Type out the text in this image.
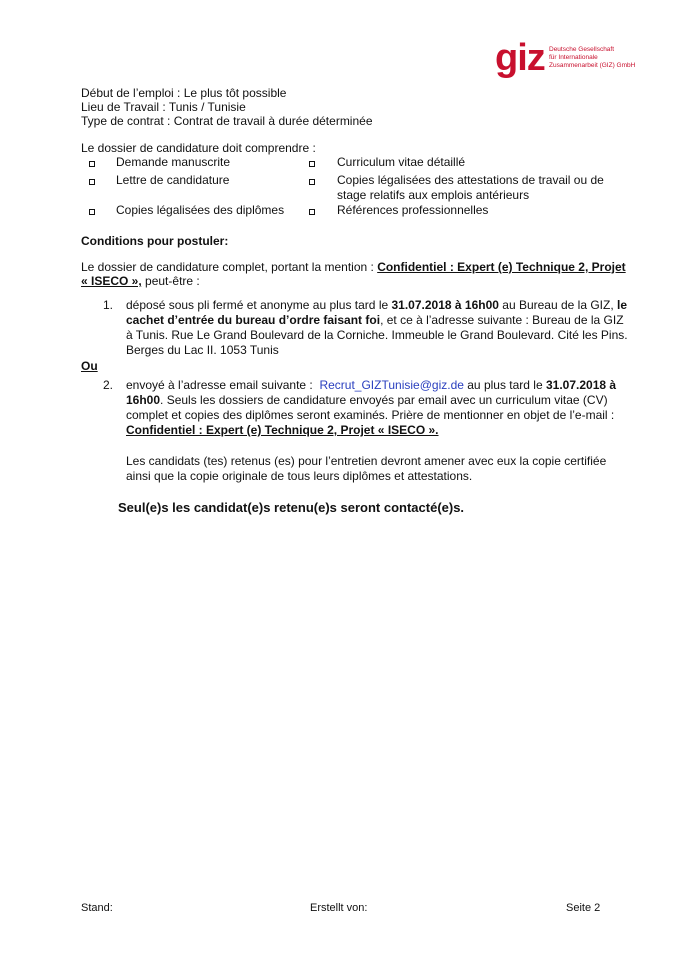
giz Deutsche Gesellschaft
für Internationale
Zusammenarbeit (GIZ) GmbH
Début de l’emploi : Le plus tôt possible
Lieu de Travail : Tunis / Tunisie
Type de contrat : Contrat de travail à durée déterminée
Le dossier de candidature doit comprendre :
Demande manuscrite
Lettre de candidature
Copies légalisées des diplômes
Curriculum vitae détaillé
Copies légalisées des attestations de travail ou de
stage relatifs aux emplois antérieurs
Références professionnelles
Conditions pour postuler:
Le dossier de candidature complet, portant la mention : Confidentiel : Expert (e) Technique 2, Projet
« ISECO », peut-être :
1. déposé sous pli fermé et anonyme au plus tard le 31.07.2018 à 16h00 au Bureau de la GIZ, le
cachet d’entrée du bureau d’ordre faisant foi, et ce à l’adresse suivante : Bureau de la GIZ
à Tunis. Rue Le Grand Boulevard de la Corniche. Immeuble le Grand Boulevard. Cité les Pins.
Berges du Lac II. 1053 Tunis
Ou
2. envoyé à l’adresse email suivante :  Recrut_GIZTunisie@giz.de au plus tard le 31.07.2018 à
16h00. Seuls les dossiers de candidature envoyés par email avec un curriculum vitae (CV)
complet et copies des diplômes seront examinés. Prière de mentionner en objet de l’e-mail :
Confidentiel : Expert (e) Technique 2, Projet « ISECO ».
Les candidats (tes) retenus (es) pour l’entretien devront amener avec eux la copie certifiée
ainsi que la copie originale de tous leurs diplômes et attestations.
Seul(e)s les candidat(e)s retenu(e)s seront contacté(e)s.
Stand:	Erstellt von:	Seite 2
